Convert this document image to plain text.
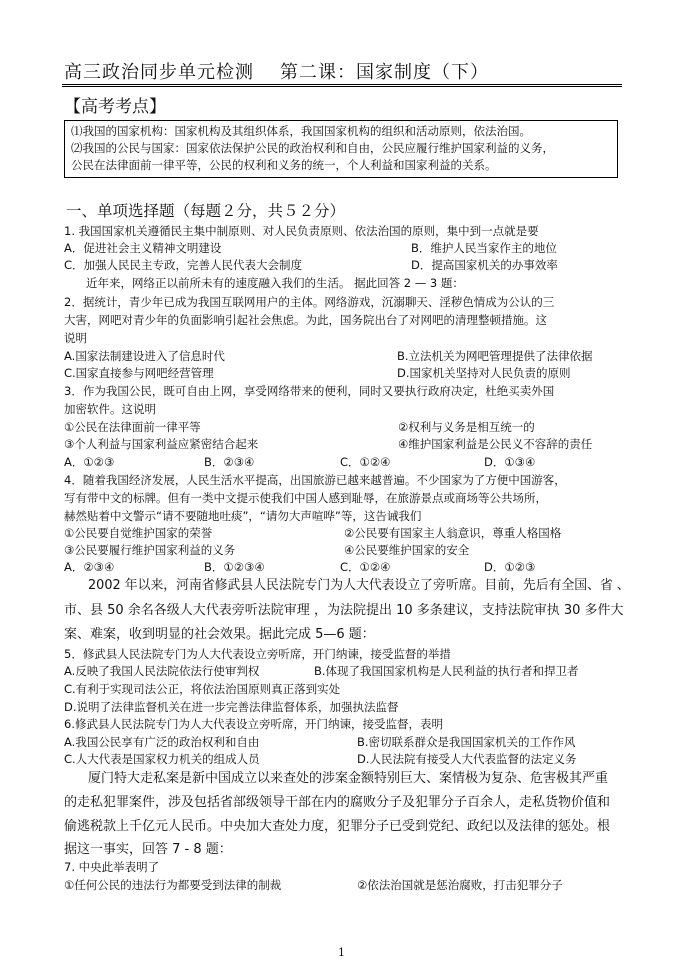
高三政治同步单元检测 第二课：国家制度（下）
【高考考点】
⑴我国的国家机构：国家机构及其组织体系，我国国家机构的组织和活动原则，依法治国。
⑵我国的公民与国家：国家依法保护公民的政治权利和自由，公民应履行维护国家利益的义务，
公民在法律面前一律平等，公民的权利和义务的统一，个人利益和国家利益的关系。
一、单项选择题（每题２分，共５２分）
1. 我国国家机关遵循民主集中制原则、对人民负责原则、依法治国的原则，集中到一点就是要
A．促进社会主义精神文明建设	B．维护人民当家作主的地位
C．加强人民民主专政，完善人民代表大会制度	D．提高国家机关的办事效率
近年来，网络正以前所未有的速度融入我们的生活。 据此回答 2 — 3 题：
2．据统计，青少年已成为我国互联网用户的主体。网络游戏，沉溺聊天、淫秽色情成为公认的三
大害，网吧对青少年的负面影响引起社会焦虑。为此，国务院出台了对网吧的清理整顿措施。这
说明
A.国家法制建设进入了信息时代	B.立法机关为网吧管理提供了法律依据
C.国家直接参与网吧经营管理	D.国家机关坚持对人民负责的原则
3．作为我国公民，既可自由上网，享受网络带来的便利，同时又要执行政府决定，杜绝买卖外国
加密软件。这说明
①公民在法律面前一律平等	②权利与义务是相互统一的
③个人利益与国家利益应紧密结合起来	④维护国家利益是公民义不容辞的责任
A．①②③	B．②③④	C．①②④	D．①③④
4．随着我国经济发展，人民生活水平提高，出国旅游已越来越普遍。不少国家为了方便中国游客，
写有带中文的标牌。但有一类中文提示使我们中国人感到耻辱，在旅游景点或商场等公共场所，
赫然贴着中文警示“请不要随地吐痰”，“请勿大声喧哗”等，这告诫我们
①公民要自觉维护国家的荣誉	②公民要有国家主人翁意识，尊重人格国格
③公民要履行维护国家利益的义务	④公民要维护国家的安全
A．②③④	B．①②③④	C．①②④	D．①②③
2002 年以来，河南省修武县人民法院专门为人大代表设立了旁听席。目前，先后有全国、省 、
市、县 50 余名各级人大代表旁听法院审理 ，为法院提出 10 多条建议，支持法院审执 30 多件大
案、难案，收到明显的社会效果。据此完成 5—6 题：
5．修武县人民法院专门为人大代表设立旁听席，开门纳谏，接受监督的举措
A.反映了我国人民法院依法行使审判权	B.体现了我国国家机构是人民利益的执行者和捍卫者
C.有利于实现司法公正，将依法治国原则真正落到实处
D.说明了法律监督机关在进一步完善法律监督体系，加强执法监督
6.修武县人民法院专门为人大代表设立旁听席，开门纳谏，接受监督，表明
A.我国公民享有广泛的政治权利和自由	B.密切联系群众是我国国家机关的工作作风
C.人大代表是国家权力机关的组成人员	D.人民法院有接受人大代表监督的法定义务
厦门特大走私案是新中国成立以来查处的涉案金额特别巨大、案情极为复杂、危害极其严重
的走私犯罪案件，涉及包括省部级领导干部在内的腐败分子及犯罪分子百余人，走私货物价值和
偷逃税款上千亿元人民币。中央加大查处力度，犯罪分子已受到党纪、政纪以及法律的惩处。根
据这一事实，回答 7 - 8 题：
7. 中央此举表明了
①任何公民的违法行为都要受到法律的制裁	②依法治国就是惩治腐败，打击犯罪分子
1
